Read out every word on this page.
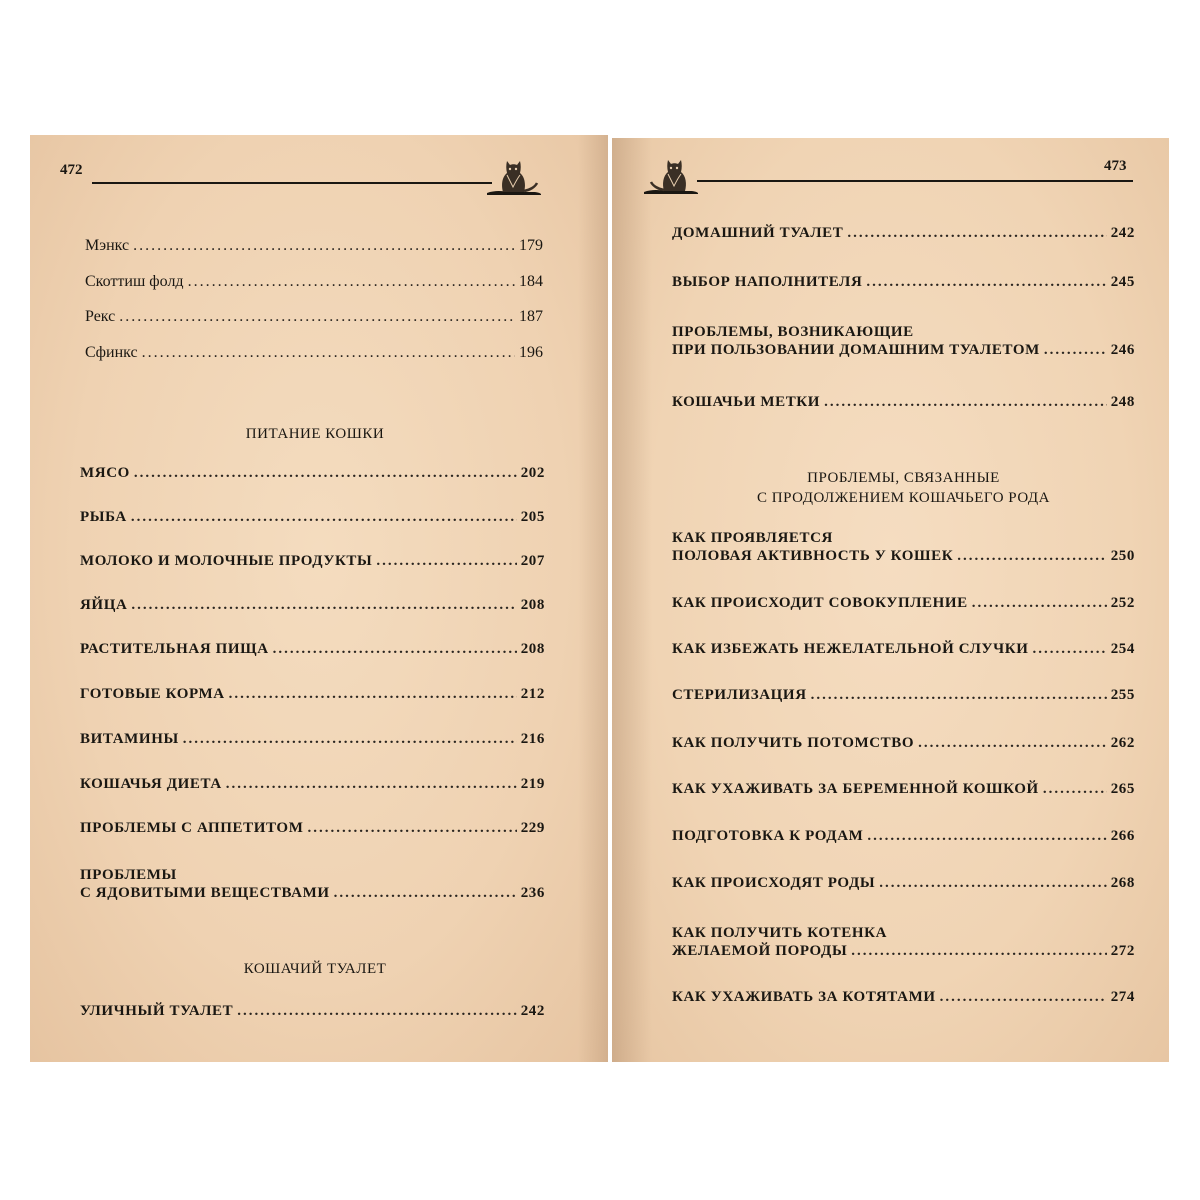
472
Мэнкс .....	179
Скоттиш фолд .....	184
Рекс .....	187
Сфинкс .....	196
ПИТАНИЕ КОШКИ
МЯСО .....	202
РЫБА .....	205
МОЛОКО И МОЛОЧНЫЕ ПРОДУКТЫ .....	207
ЯЙЦА .....	208
РАСТИТЕЛЬНАЯ ПИЩА .....	208
ГОТОВЫЕ КОРМА .....	212
ВИТАМИНЫ .....	216
КОШАЧЬЯ ДИЕТА .....	219
ПРОБЛЕМЫ С АППЕТИТОМ .....	229
ПРОБЛЕМЫ
С ЯДОВИТЫМИ ВЕЩЕСТВАМИ .....	236
КОШАЧИЙ ТУАЛЕТ
УЛИЧНЫЙ ТУАЛЕТ .....	242
473
ДОМАШНИЙ ТУАЛЕТ .....	242
ВЫБОР НАПОЛНИТЕЛЯ .....	245
ПРОБЛЕМЫ, ВОЗНИКАЮЩИЕ
ПРИ ПОЛЬЗОВАНИИ ДОМАШНИМ ТУАЛЕТОМ .....	246
КОШАЧЬИ МЕТКИ .....	248
ПРОБЛЕМЫ, СВЯЗАННЫЕ
С ПРОДОЛЖЕНИЕМ КОШАЧЬЕГО РОДА
КАК ПРОЯВЛЯЕТСЯ
ПОЛОВАЯ АКТИВНОСТЬ У КОШЕК .....	250
КАК ПРОИСХОДИТ СОВОКУПЛЕНИЕ .....	252
КАК ИЗБЕЖАТЬ НЕЖЕЛАТЕЛЬНОЙ СЛУЧКИ .....	254
СТЕРИЛИЗАЦИЯ .....	255
КАК ПОЛУЧИТЬ ПОТОМСТВО .....	262
КАК УХАЖИВАТЬ ЗА БЕРЕМЕННОЙ КОШКОЙ .....	265
ПОДГОТОВКА К РОДАМ .....	266
КАК ПРОИСХОДЯТ РОДЫ .....	268
КАК ПОЛУЧИТЬ КОТЕНКА
ЖЕЛАЕМОЙ ПОРОДЫ .....	272
КАК УХАЖИВАТЬ ЗА КОТЯТАМИ .....	274
